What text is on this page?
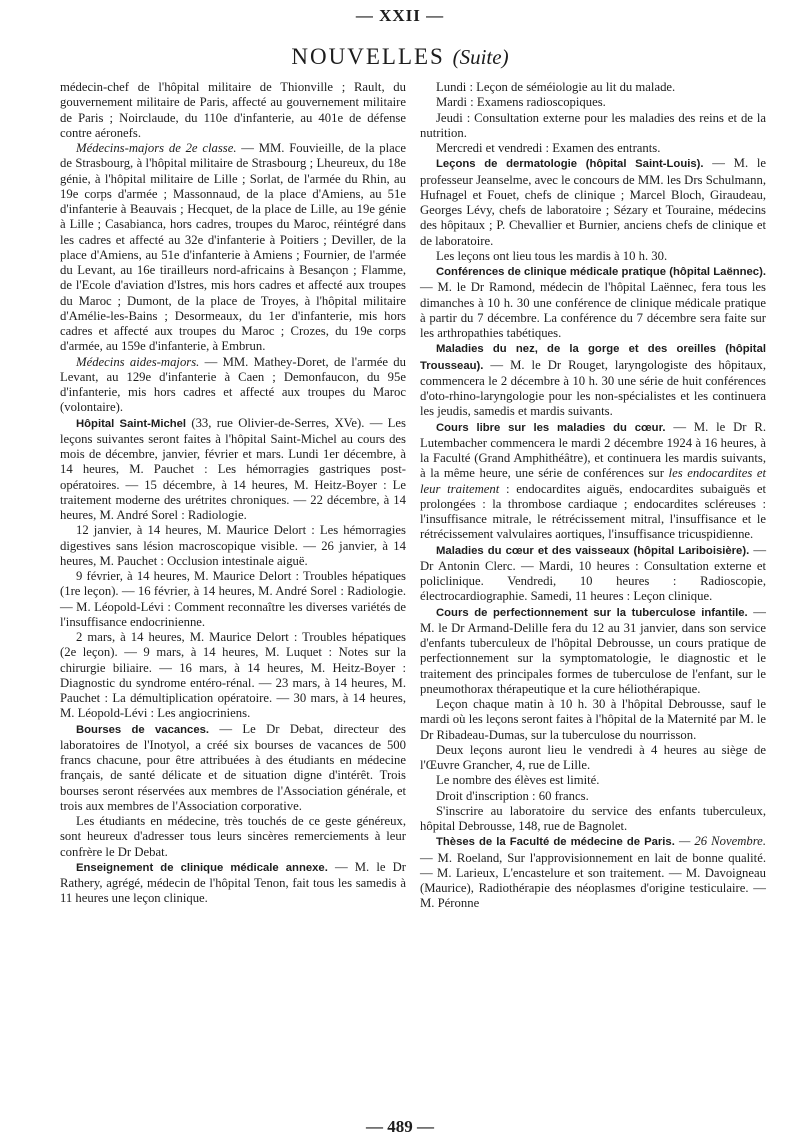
— XXII —
NOUVELLES (Suite)

médecin-chef de l'hôpital militaire de Thionville ; Rault, du gouvernement militaire de Paris, affecté au gouvernement militaire de Paris ; Noirclaude, du 110e d'infanterie, au 401e de défense contre aéronefs.

Médecins-majors de 2e classe. — MM. Fouvieille, de la place de Strasbourg, à l'hôpital militaire de Strasbourg ; Lheureux, du 18e génie, à l'hôpital militaire de Lille ; Sorlat, de l'armée du Rhin, au 19e corps d'armée ; Massonnaud, de la place d'Amiens, au 51e d'infanterie à Beauvais ; Hecquet, de la place de Lille, au 19e génie à Lille ; Casabianca, hors cadres, troupes du Maroc, réintégré dans les cadres et affecté au 32e d'infanterie à Poitiers ; Deviller, de la place d'Amiens, au 51e d'infanterie à Amiens ; Fournier, de l'armée du Levant, au 16e tirailleurs nord-africains à Besançon ; Flamme, de l'Ecole d'aviation d'Istres, mis hors cadres et affecté aux troupes du Maroc ; Dumont, de la place de Troyes, à l'hôpital militaire d'Amélie-les-Bains ; Desormeaux, du 1er d'infanterie, mis hors cadres et affecté aux troupes du Maroc ; Crozes, du 19e corps d'armée, au 159e d'infanterie, à Embrun.

Médecins aides-majors. — MM. Mathey-Doret, de l'armée du Levant, au 129e d'infanterie à Caen ; Demonfaucon, du 95e d'infanterie, mis hors cadres et affecté aux troupes du Maroc (volontaire).

Hôpital Saint-Michel (33, rue Olivier-de-Serres, XVe). — Les leçons suivantes seront faites à l'hôpital Saint-Michel au cours des mois de décembre, janvier, février et mars. Lundi 1er décembre, à 14 heures, M. Pauchet : Les hémorragies gastriques post-opératoires. — 15 décembre, à 14 heures, M. Heitz-Boyer : Le traitement moderne des urétrites chroniques. — 22 décembre, à 14 heures, M. André Sorel : Radiologie.

12 janvier, à 14 heures, M. Maurice Delort : Les hémorragies digestives sans lésion macroscopique visible. — 26 janvier, à 14 heures, M. Pauchet : Occlusion intestinale aiguë.

9 février, à 14 heures, M. Maurice Delort : Troubles hépatiques (1re leçon). — 16 février, à 14 heures, M. André Sorel : Radiologie. — M. Léopold-Lévi : Comment reconnaître les diverses variétés de l'insuffisance endocrinienne.

2 mars, à 14 heures, M. Maurice Delort : Troubles hépatiques (2e leçon). — 9 mars, à 14 heures, M. Luquet : Notes sur la chirurgie biliaire. — 16 mars, à 14 heures, M. Heitz-Boyer : Diagnostic du syndrome entéro-rénal. — 23 mars, à 14 heures, M. Pauchet : La démultiplication opératoire. — 30 mars, à 14 heures, M. Léopold-Lévi : Les angiocriniens.

Bourses de vacances. — Le Dr Debat, directeur des laboratoires de l'Inotyol, a créé six bourses de vacances de 500 francs chacune, pour être attribuées à des étudiants en médecine français, de santé délicate et de situation digne d'intérêt. Trois bourses seront réservées aux membres de l'Association générale, et trois aux membres de l'Association corporative.

Les étudiants en médecine, très touchés de ce geste généreux, sont heureux d'adresser tous leurs sincères remerciements à leur confrère le Dr Debat.

Enseignement de clinique médicale annexe. — M. le Dr Rathery, agrégé, médecin de l'hôpital Tenon, fait tous les samedis à 11 heures une leçon clinique.

Lundi : Leçon de séméiologie au lit du malade.

Mardi : Examens radioscopiques.

Jeudi : Consultation externe pour les maladies des reins et de la nutrition.

Mercredi et vendredi : Examen des entrants.

Leçons de dermatologie (hôpital Saint-Louis). — M. le professeur Jeanselme, avec le concours de MM. les Drs Schulmann, Hufnagel et Fouet, chefs de clinique ; Marcel Bloch, Giraudeau, Georges Lévy, chefs de laboratoire ; Sézary et Touraine, médecins des hôpitaux ; P. Chevallier et Burnier, anciens chefs de clinique et de laboratoire.

Les leçons ont lieu tous les mardis à 10 h. 30.

Conférences de clinique médicale pratique (hôpital Laënnec). — M. le Dr Ramond, médecin de l'hôpital Laënnec, fera tous les dimanches à 10 h. 30 une conférence de clinique médicale pratique à partir du 7 décembre. La conférence du 7 décembre sera faite sur les arthropathies tabétiques.

Maladies du nez, de la gorge et des oreilles (hôpital Trousseau). — M. le Dr Rouget, laryngologiste des hôpitaux, commencera le 2 décembre à 10 h. 30 une série de huit conférences d'oto-rhino-laryngologie pour les non-spécialistes et les continuera les jeudis, samedis et mardis suivants.

Cours libre sur les maladies du cœur. — M. le Dr R. Lutembacher commencera le mardi 2 décembre 1924 à 16 heures, à la Faculté (Grand Amphithéâtre), et continuera les mardis suivants, à la même heure, une série de conférences sur les endocardites et leur traitement : endocardites aiguës, endocardites subaiguës et prolongées : la thrombose cardiaque ; endocardites scléreuses : l'insuffisance mitrale, le rétrécissement mitral, l'insuffisance et le rétrécissement valvulaires aortiques, l'insuffisance tricuspidienne.

Maladies du cœur et des vaisseaux (hôpital Lariboisière). — Dr Antonin Clerc. — Mardi, 10 heures : Consultation externe et policlinique. Vendredi, 10 heures : Radioscopie, électrocardiographie. Samedi, 11 heures : Leçon clinique.

Cours de perfectionnement sur la tuberculose infantile. — M. le Dr Armand-Delille fera du 12 au 31 janvier, dans son service d'enfants tuberculeux de l'hôpital Debrousse, un cours pratique de perfectionnement sur la symptomatologie, le diagnostic et le traitement des principales formes de tuberculose de l'enfant, sur le pneumothorax thérapeutique et la cure héliothérapique.

Leçon chaque matin à 10 h. 30 à l'hôpital Debrousse, sauf le mardi où les leçons seront faites à l'hôpital de la Maternité par M. le Dr Ribadeau-Dumas, sur la tuberculose du nourrisson.

Deux leçons auront lieu le vendredi à 4 heures au siège de l'Œuvre Grancher, 4, rue de Lille.

Le nombre des élèves est limité.

Droit d'inscription : 60 francs.

S'inscrire au laboratoire du service des enfants tuberculeux, hôpital Debrousse, 148, rue de Bagnolet.

Thèses de la Faculté de médecine de Paris. — 26 Novembre. — M. Roeland, Sur l'approvisionnement en lait de bonne qualité. — M. Larieux, L'encastelure et son traitement. — M. Davoigneau (Maurice), Radiothérapie des néoplasmes d'origine testiculaire. — M. Péronne

— 489 —
